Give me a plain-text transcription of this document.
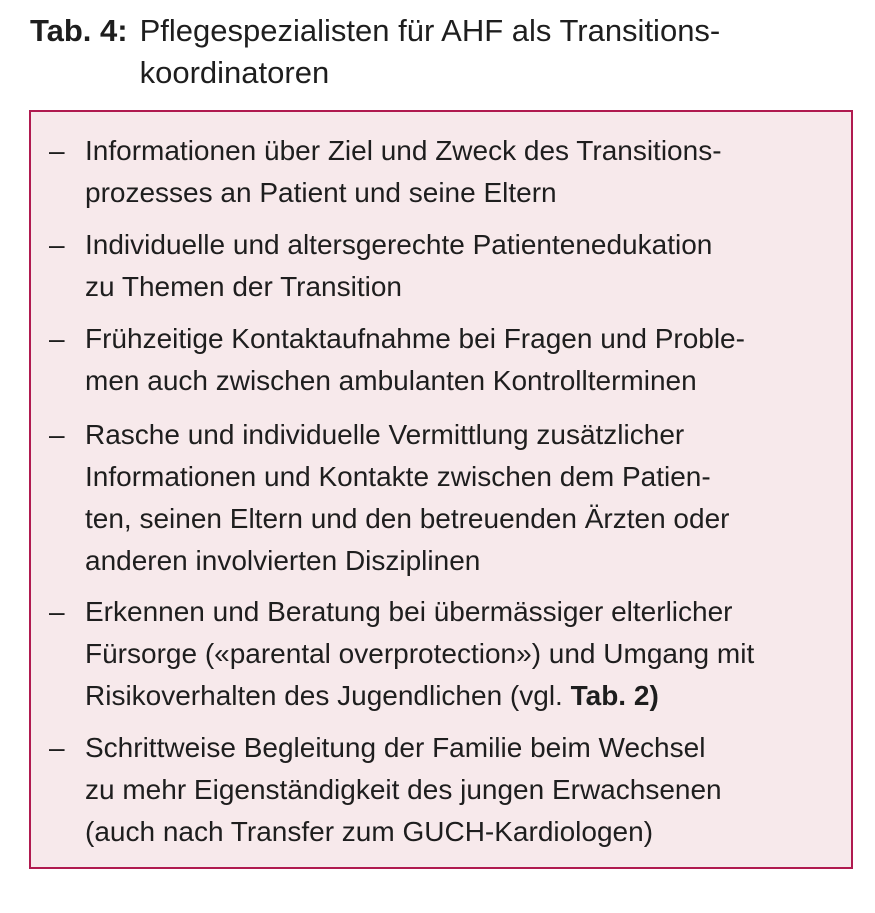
Tab. 4: Pflegespezialisten für AHF als Transitions-
koordinatoren
– Informationen über Ziel und Zweck des Transitions-
prozesses an Patient und seine Eltern
– Individuelle und altersgerechte Patientenedukation
zu Themen der Transition
– Frühzeitige Kontaktaufnahme bei Fragen und Proble-
men auch zwischen ambulanten Kontrollterminen
– Rasche und individuelle Vermittlung zusätzlicher
Informationen und Kontakte zwischen dem Patien-
ten, seinen Eltern und den betreuenden Ärzten oder
anderen involvierten Disziplinen
– Erkennen und Beratung bei übermässiger elterlicher
Fürsorge («parental overprotection») und Umgang mit
Risikoverhalten des Jugendlichen (vgl. Tab. 2)
– Schrittweise Begleitung der Familie beim Wechsel
zu mehr Eigenständigkeit des jungen Erwachsenen
(auch nach Transfer zum GUCH-Kardiologen)
